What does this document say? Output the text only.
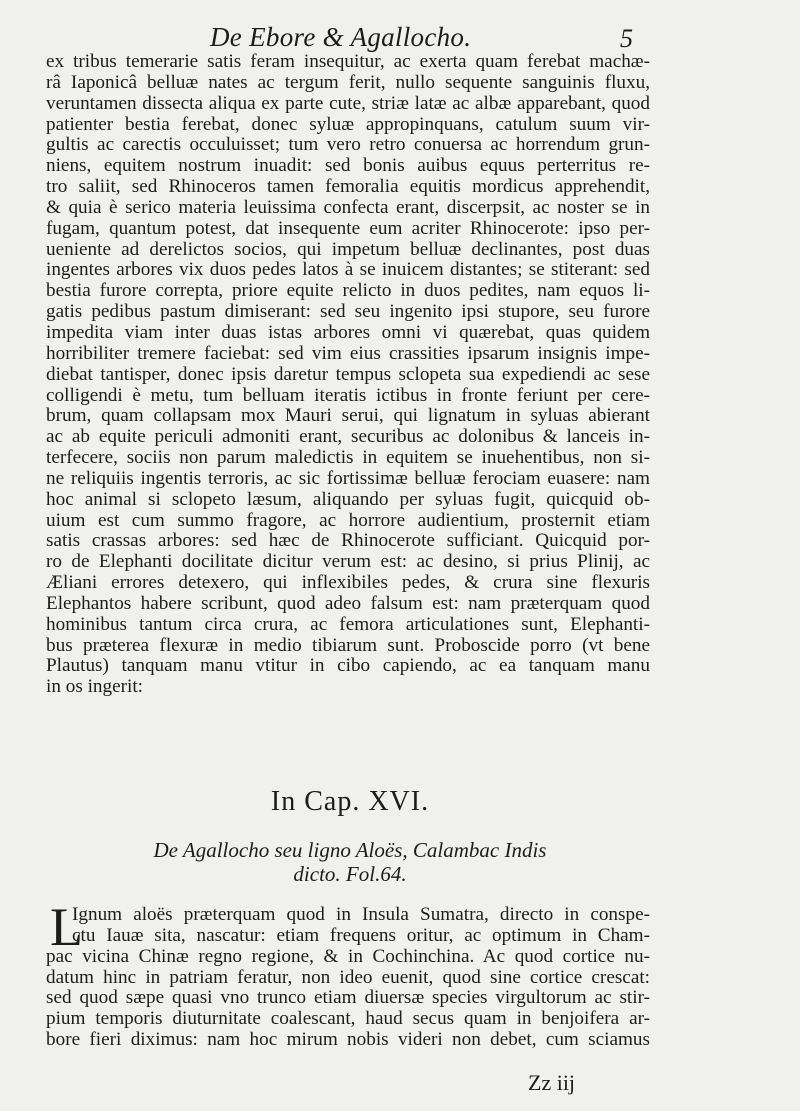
De Ebore & Agallocho.	5
ex tribus temerarie satis feram insequitur, ac exerta quam ferebat machæ-
râ Iaponicâ belluæ nates ac tergum ferit, nullo sequente sanguinis fluxu,
veruntamen dissecta aliqua ex parte cute, striæ latæ ac albæ apparebant, quod
patienter bestia ferebat, donec syluæ appropinquans, catulum suum vir-
gultis ac carectis occuluisset; tum vero retro conuersa ac horrendum grun-
niens, equitem nostrum inuadit: sed bonis auibus equus perterritus re-
tro saliit, sed Rhinoceros tamen femoralia equitis mordicus apprehendit,
& quia è serico materia leuissima confecta erant, discerpsit, ac noster se in
fugam, quantum potest, dat insequente eum acriter Rhinocerote: ipso per-
ueniente ad derelictos socios, qui impetum belluæ declinantes, post duas
ingentes arbores vix duos pedes latos à se inuicem distantes; se stiterant: sed
bestia furore correpta, priore equite relicto in duos pedites, nam equos li-
gatis pedibus pastum dimiserant: sed seu ingenito ipsi stupore, seu furore
impedita viam inter duas istas arbores omni vi quærebat, quas quidem
horribiliter tremere faciebat: sed vim eius crassities ipsarum insignis impe-
diebat tantisper, donec ipsis daretur tempus sclopeta sua expediendi ac sese
colligendi è metu, tum belluam iteratis ictibus in fronte feriunt per cere-
brum, quam collapsam mox Mauri serui, qui lignatum in syluas abierant
ac ab equite periculi admoniti erant, securibus ac dolonibus & lanceis in-
terfecere, sociis non parum maledictis in equitem se inuehentibus, non si-
ne reliquiis ingentis terroris, ac sic fortissimæ belluæ ferociam euasere: nam
hoc animal si sclopeto læsum, aliquando per syluas fugit, quicquid ob-
uium est cum summo fragore, ac horrore audientium, prosternit etiam
satis crassas arbores: sed hæc de Rhinocerote sufficiant. Quicquid por-
ro de Elephanti docilitate dicitur verum est: ac desino, si prius Plinij, ac
Æliani errores detexero, qui inflexibiles pedes, & crura sine flexuris
Elephantos habere scribunt, quod adeo falsum est: nam præterquam quod
hominibus tantum circa crura, ac femora articulationes sunt, Elephanti-
bus præterea flexuræ in medio tibiarum sunt. Proboscide porro (vt bene
Plautus) tanquam manu vtitur in cibo capiendo, ac ea tanquam manu
in os ingerit:
In Cap. XVI.
De Agallocho seu ligno Aloës, Calambac Indis
dicto. Fol.64.
L
Ignum aloës præterquam quod in Insula Sumatra, directo in conspe-
ctu Iauæ sita, nascatur: etiam frequens oritur, ac optimum in Cham-
pac vicina Chinæ regno regione, & in Cochinchina. Ac quod cortice nu-
datum hinc in patriam feratur, non ideo euenit, quod sine cortice crescat:
sed quod sæpe quasi vno trunco etiam diuersæ species virgultorum ac stir-
pium temporis diuturnitate coalescant, haud secus quam in benjoifera ar-
bore fieri diximus: nam hoc mirum nobis videri non debet, cum sciamus
Zz iij
